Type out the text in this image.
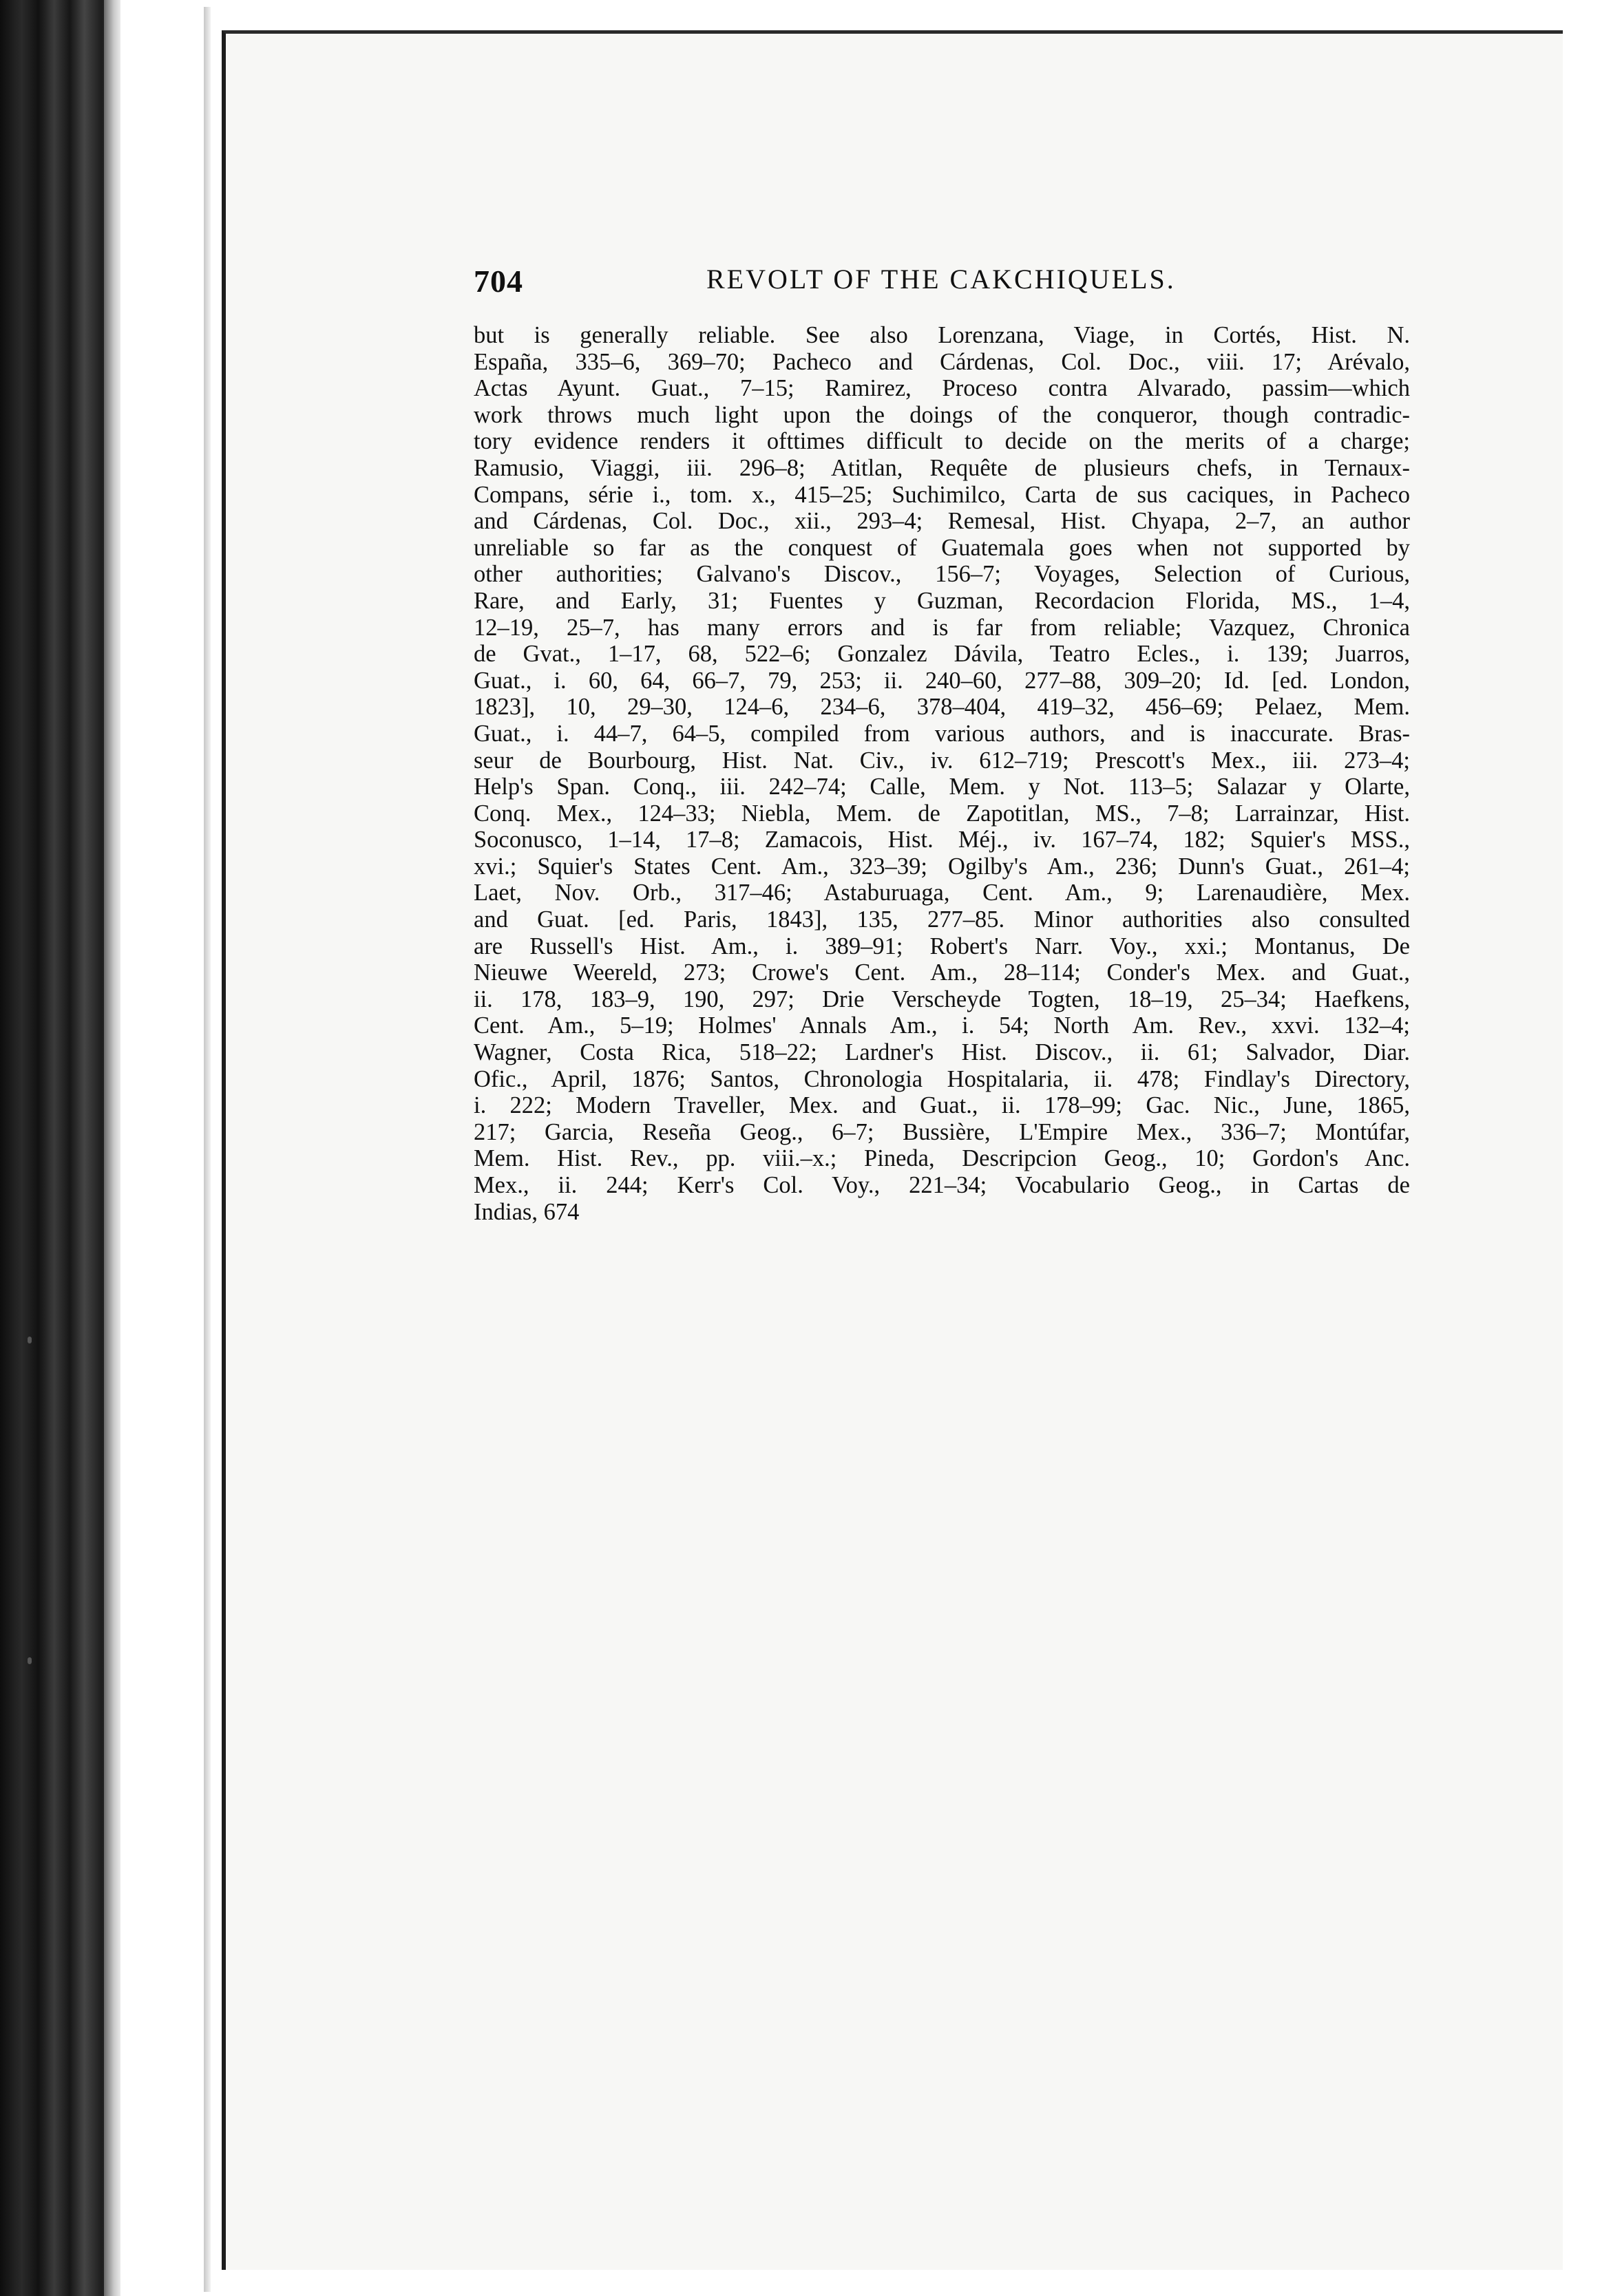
704	REVOLT OF THE CAKCHIQUELS.
but is generally reliable. See also Lorenzana, Viage, in Cortés, Hist. N.
España, 335–6, 369–70; Pacheco and Cárdenas, Col. Doc., viii. 17; Arévalo,
Actas Ayunt. Guat., 7–15; Ramirez, Proceso contra Alvarado, passim—which
work throws much light upon the doings of the conqueror, though contradic-
tory evidence renders it ofttimes difficult to decide on the merits of a charge;
Ramusio, Viaggi, iii. 296–8; Atitlan, Requête de plusieurs chefs, in Ternaux-
Compans, série i., tom. x., 415–25; Suchimilco, Carta de sus caciques, in Pacheco
and Cárdenas, Col. Doc., xii., 293–4; Remesal, Hist. Chyapa, 2–7, an author
unreliable so far as the conquest of Guatemala goes when not supported by
other authorities; Galvano's Discov., 156–7; Voyages, Selection of Curious,
Rare, and Early, 31; Fuentes y Guzman, Recordacion Florida, MS., 1–4,
12–19, 25–7, has many errors and is far from reliable; Vazquez, Chronica
de Gvat., 1–17, 68, 522–6; Gonzalez Dávila, Teatro Ecles., i. 139; Juarros,
Guat., i. 60, 64, 66–7, 79, 253; ii. 240–60, 277–88, 309–20; Id. [ed. London,
1823], 10, 29–30, 124–6, 234–6, 378–404, 419–32, 456–69; Pelaez, Mem.
Guat., i. 44–7, 64–5, compiled from various authors, and is inaccurate. Bras-
seur de Bourbourg, Hist. Nat. Civ., iv. 612–719; Prescott's Mex., iii. 273–4;
Help's Span. Conq., iii. 242–74; Calle, Mem. y Not. 113–5; Salazar y Olarte,
Conq. Mex., 124–33; Niebla, Mem. de Zapotitlan, MS., 7–8; Larrainzar, Hist.
Soconusco, 1–14, 17–8; Zamacois, Hist. Méj., iv. 167–74, 182; Squier's MSS.,
xvi.; Squier's States Cent. Am., 323–39; Ogilby's Am., 236; Dunn's Guat., 261–4;
Laet, Nov. Orb., 317–46; Astaburuaga, Cent. Am., 9; Larenaudière, Mex.
and Guat. [ed. Paris, 1843], 135, 277–85. Minor authorities also consulted
are Russell's Hist. Am., i. 389–91; Robert's Narr. Voy., xxi.; Montanus, De
Nieuwe Weereld, 273; Crowe's Cent. Am., 28–114; Conder's Mex. and Guat.,
ii. 178, 183–9, 190, 297; Drie Verscheyde Togten, 18–19, 25–34; Haefkens,
Cent. Am., 5–19; Holmes' Annals Am., i. 54; North Am. Rev., xxvi. 132–4;
Wagner, Costa Rica, 518–22; Lardner's Hist. Discov., ii. 61; Salvador, Diar.
Ofic., April, 1876; Santos, Chronologia Hospitalaria, ii. 478; Findlay's Directory,
i. 222; Modern Traveller, Mex. and Guat., ii. 178–99; Gac. Nic., June, 1865,
217; Garcia, Reseña Geog., 6–7; Bussière, L'Empire Mex., 336–7; Montúfar,
Mem. Hist. Rev., pp. viii.–x.; Pineda, Descripcion Geog., 10; Gordon's Anc.
Mex., ii. 244; Kerr's Col. Voy., 221–34; Vocabulario Geog., in Cartas de
Indias, 674
